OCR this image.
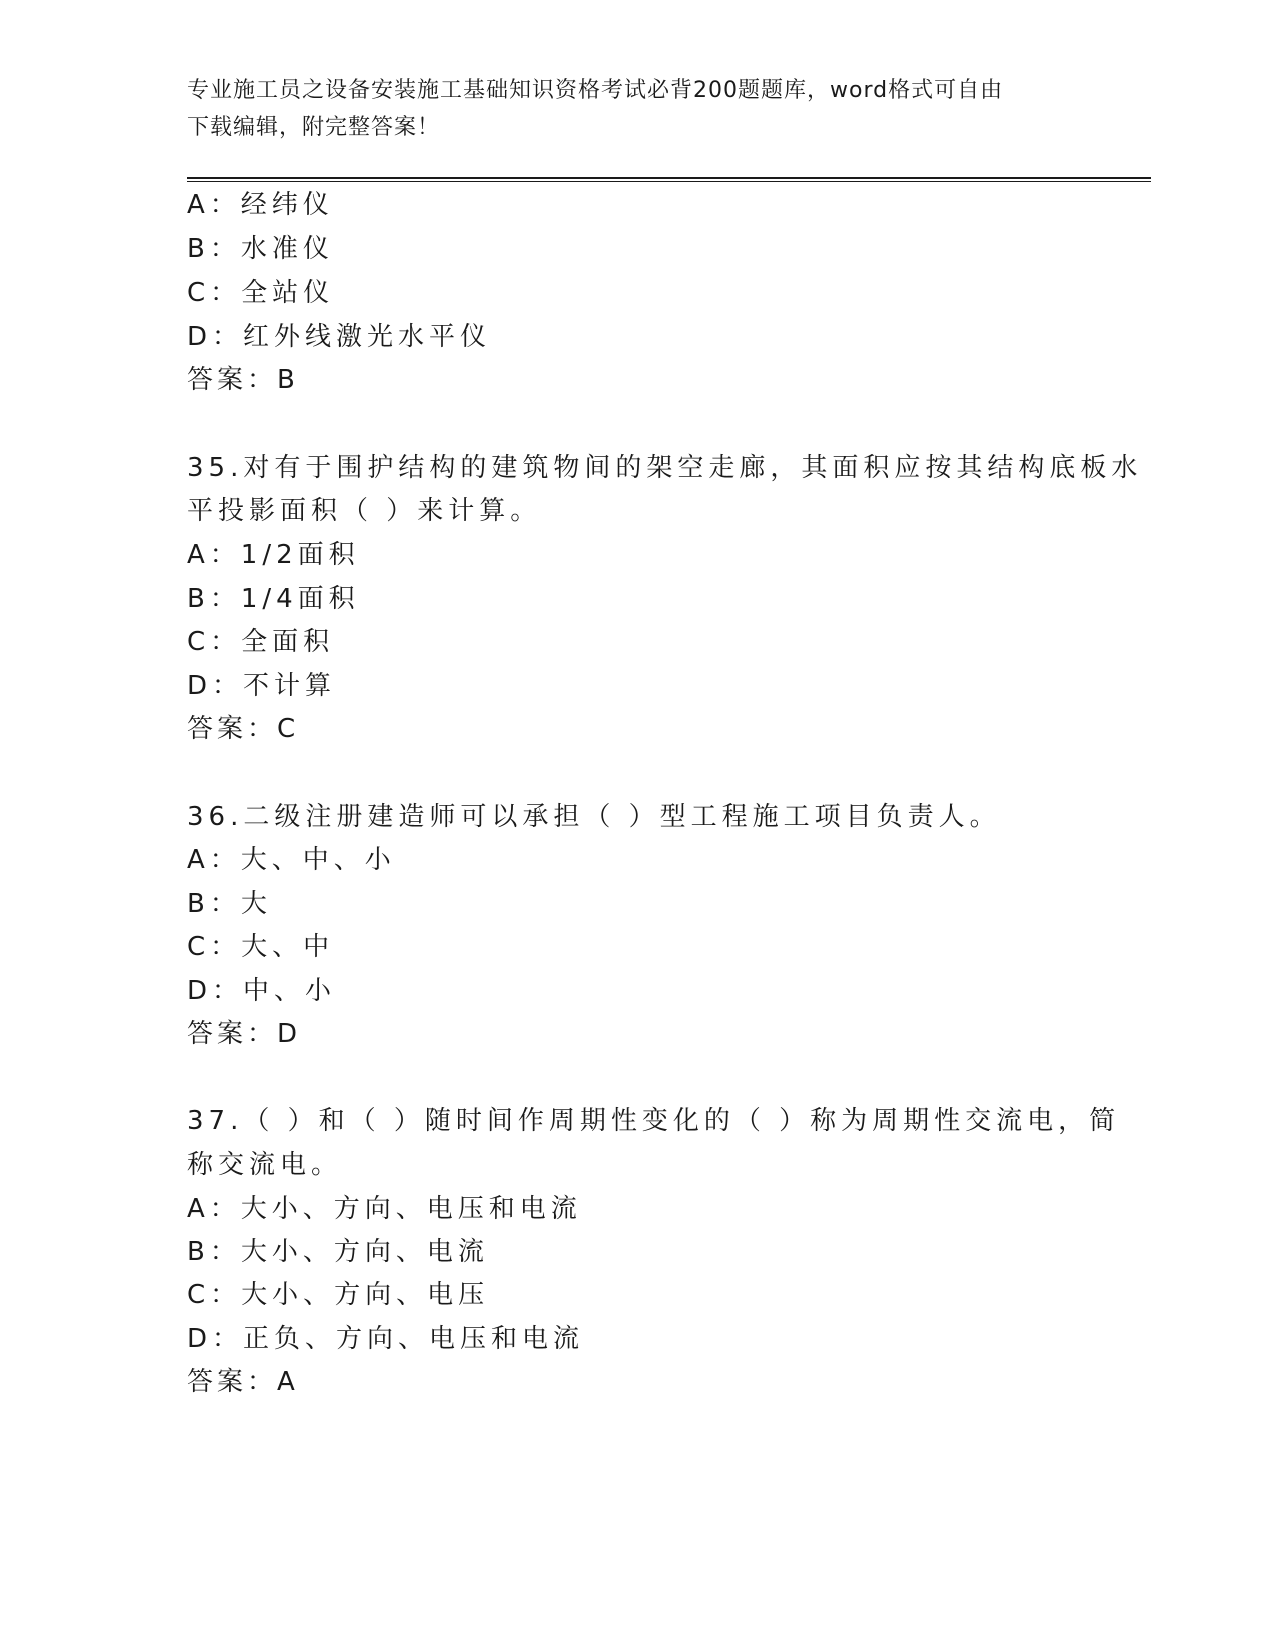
专业施工员之设备安装施工基础知识资格考试必背200题题库，word格式可自由
下载编辑，附完整答案！
A：经纬仪
B：水准仪
C：全站仪
D：红外线激光水平仪
答案：B
35.对有于围护结构的建筑物间的架空走廊，其面积应按其结构底板水
平投影面积（ ）来计算。
A：1/2面积
B：1/4面积
C：全面积
D：不计算
答案：C
36.二级注册建造师可以承担（ ）型工程施工项目负责人。
A：大、中、小
B：大
C：大、中
D：中、小
答案：D
37.（ ）和（ ）随时间作周期性变化的（ ）称为周期性交流电，简
称交流电。
A：大小、方向、电压和电流
B：大小、方向、电流
C：大小、方向、电压
D：正负、方向、电压和电流
答案：A
